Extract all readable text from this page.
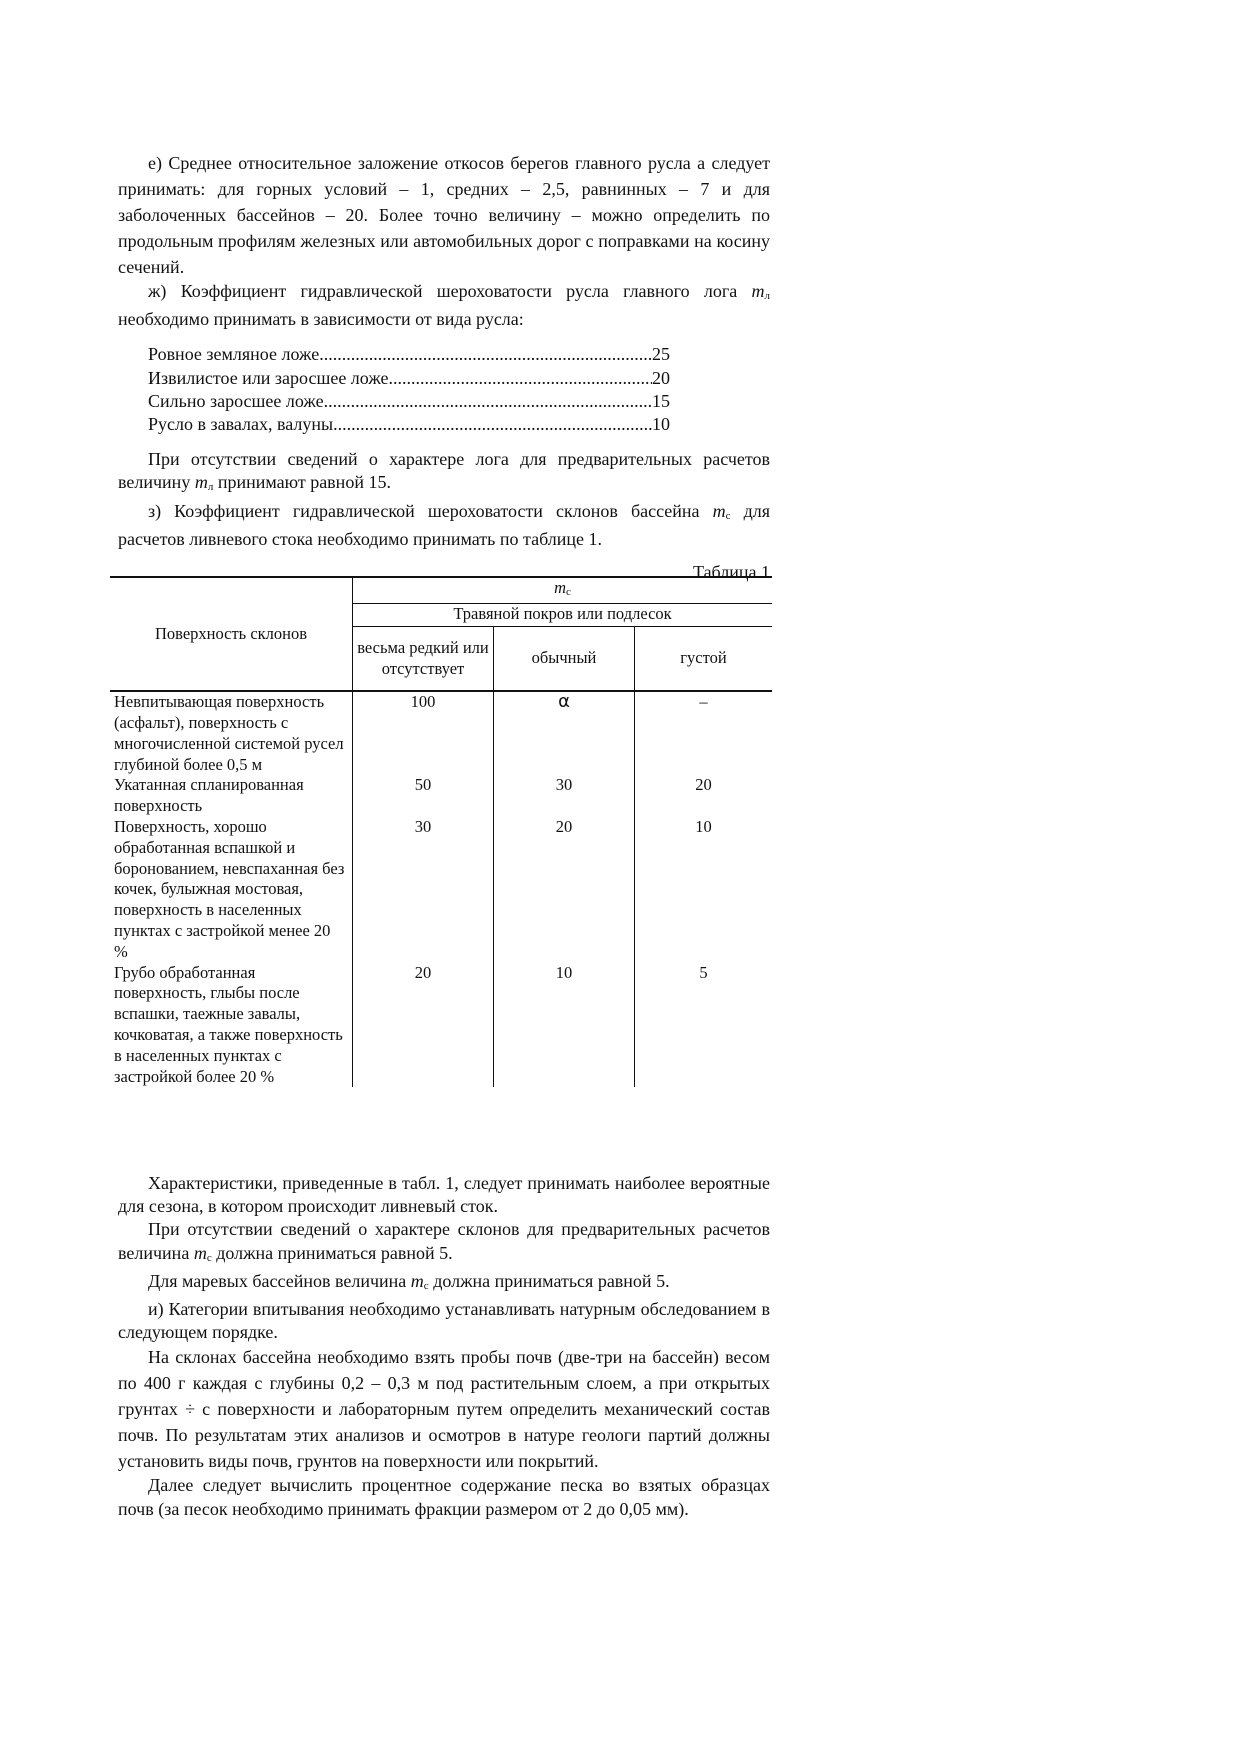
е) Среднее относительное заложение откосов берегов главного русла а следует принимать: для горных условий – 1, средних – 2,5, равнинных – 7 и для заболоченных бассейнов – 20. Более точно величину – можно определить по продольным профилям железных или автомобильных дорог с поправками на косину сечений.

ж) Коэффициент гидравлической шероховатости русла главного лога $m_л$ необходимо принимать в зависимости от вида русла:

Ровное земляное ложе .....	25
Извилистое или заросшее ложе .....	20
Сильно заросшее ложе .....	15
Русло в завалах, валуны .....	10

При отсутствии сведений о характере лога для предварительных расчетов величину $m_л$ принимают равной 15.

з) Коэффициент гидравлической шероховатости склонов бассейна $m_с$ для расчетов ливневого стока необходимо принимать по таблице 1.

Таблица 1
Поверхность склонов	$m_с$
	Травяной покров или подлесок		
	весьма редкий или отсутствует	обычный	густой
Невпитывающая поверхность (асфальт), поверхность с многочисленной системой русел глубиной более 0,5 м	100	α	–
Укатанная спланированная поверхность	50	30	20
Поверхность, хорошо обработанная вспашкой и боронованием, невспаханная без кочек, булыжная мостовая, поверхность в населенных пунктах с застройкой менее 20 %	30	20	10
Грубо обработанная поверхность, глыбы после вспашки, таежные завалы, кочковатая, а также поверхность в населенных пунктах с застройкой более 20 %	20	10	5

Характеристики, приведенные в табл. 1, следует принимать наиболее вероятные для сезона, в котором происходит ливневый сток.

При отсутствии сведений о характере склонов для предварительных расчетов величина $m_с$ должна приниматься равной 5.

Для маревых бассейнов величина $m_с$ должна приниматься равной 5.

и) Категории впитывания необходимо устанавливать натурным обследованием в следующем порядке.

На склонах бассейна необходимо взять пробы почв (две-три на бассейн) весом по 400 г каждая с глубины 0,2 – 0,3 м под растительным слоем, а при открытых грунтах ÷ с поверхности и лабораторным путем определить механический состав почв. По результатам этих анализов и осмотров в натуре геологи партий должны установить виды почв, грунтов на поверхности или покрытий.

Далее следует вычислить процентное содержание песка во взятых образцах почв (за песок необходимо принимать фракции размером от 2 до 0,05 мм).
